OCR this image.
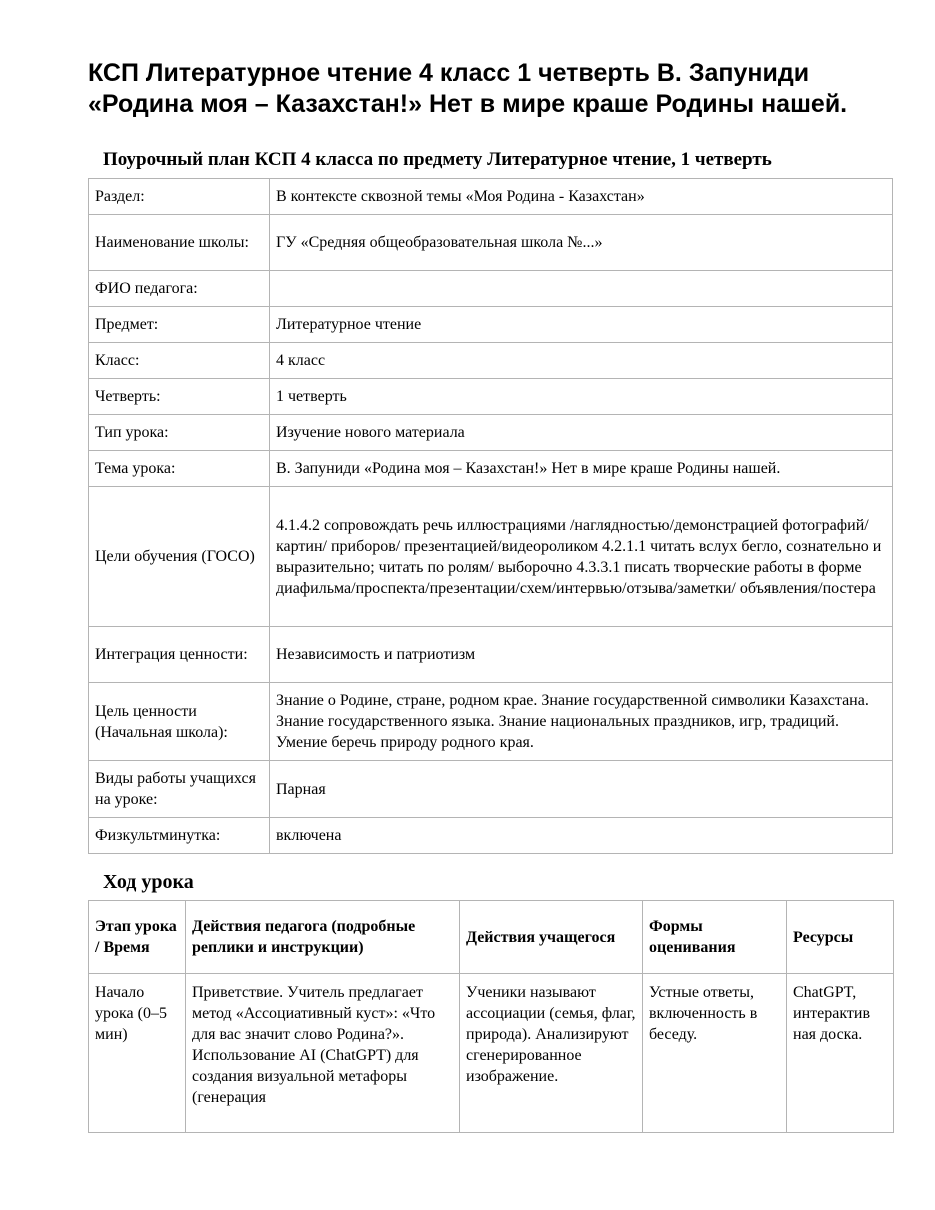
КСП Литературное чтение 4 класс 1 четверть В. Запуниди «Родина моя – Казахстан!» Нет в мире краше Родины нашей.
Поурочный план КСП 4 класса по предмету Литературное чтение, 1 четверть
Раздел:	В контексте сквозной темы «Моя Родина - Казахстан»
Наименование школы:	ГУ «Средняя общеобразовательная школа №...»
ФИО педагога:	
Предмет:	Литературное чтение
Класс:	4 класс
Четверть:	1 четверть
Тип урока:	Изучение нового материала
Тема урока:	В. Запуниди «Родина моя – Казахстан!» Нет в мире краше Родины нашей.
Цели обучения (ГОСО)	4.1.4.2 сопровождать речь иллюстрациями /наглядностью/демонстрацией фотографий/картин/ приборов/ презентацией/видеороликом 4.2.1.1 читать вслух бегло, сознательно и выразительно; читать по ролям/ выборочно 4.3.3.1 писать творческие работы в форме диафильма/проспекта/презентации/схем/интервью/отзыва/заметки/ объявления/постера
Интеграция ценности:	Независимость и патриотизм
Цель ценности (Начальная школа):	Знание о Родине, стране, родном крае. Знание государственной символики Казахстана. Знание государственного языка. Знание национальных праздников, игр, традиций. Умение беречь природу родного края.
Виды работы учащихся на уроке:	Парная
Физкультминутка:	включена
Ход урока
Этап урока / Время	Действия педагога (подробные реплики и инструкции)	Действия учащегося	Формы оценивания	Ресурсы
Начало урока (0–5 мин)	Приветствие. Учитель предлагает метод «Ассоциативный куст»: «Что для вас значит слово Родина?». Использование AI (ChatGPT) для создания визуальной метафоры (генерация	Ученики называют ассоциации (семья, флаг, природа). Анализируют сгенерированное изображение.	Устные ответы, включенность в беседу.	ChatGPT, интерактив ная доска.
